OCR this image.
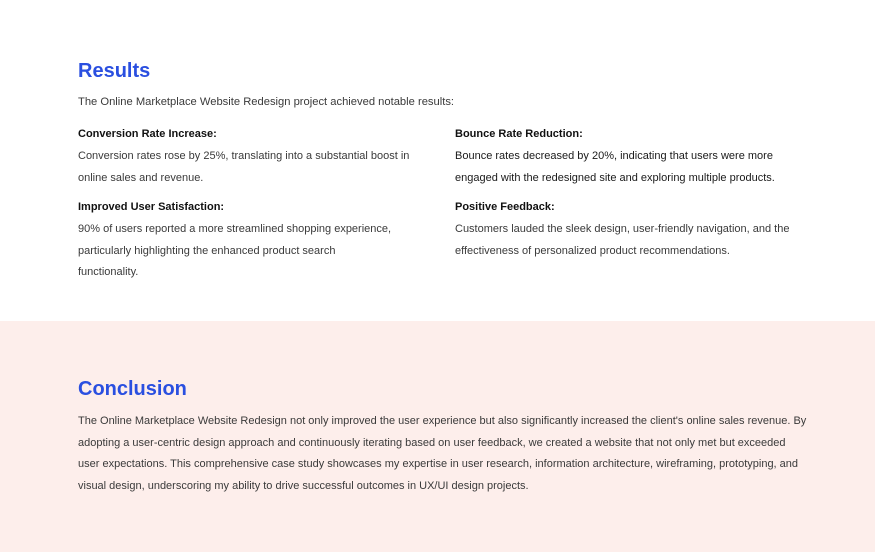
Results

The Online Marketplace Website Redesign project achieved notable results:

Conversion Rate Increase:

Conversion rates rose by 25%, translating into a substantial boost in online sales and revenue.

Bounce Rate Reduction:

Bounce rates decreased by 20%, indicating that users were more engaged with the redesigned site and exploring multiple products.

Improved User Satisfaction:

90% of users reported a more streamlined shopping experience, particularly highlighting the enhanced product search functionality.

Positive Feedback:

Customers lauded the sleek design, user-friendly navigation, and the effectiveness of personalized product recommendations.

Conclusion

The Online Marketplace Website Redesign not only improved the user experience but also significantly increased the client's online sales revenue. By adopting a user-centric design approach and continuously iterating based on user feedback, we created a website that not only met but exceeded user expectations. This comprehensive case study showcases my expertise in user research, information architecture, wireframing, prototyping, and visual design, underscoring my ability to drive successful outcomes in UX/UI design projects.
